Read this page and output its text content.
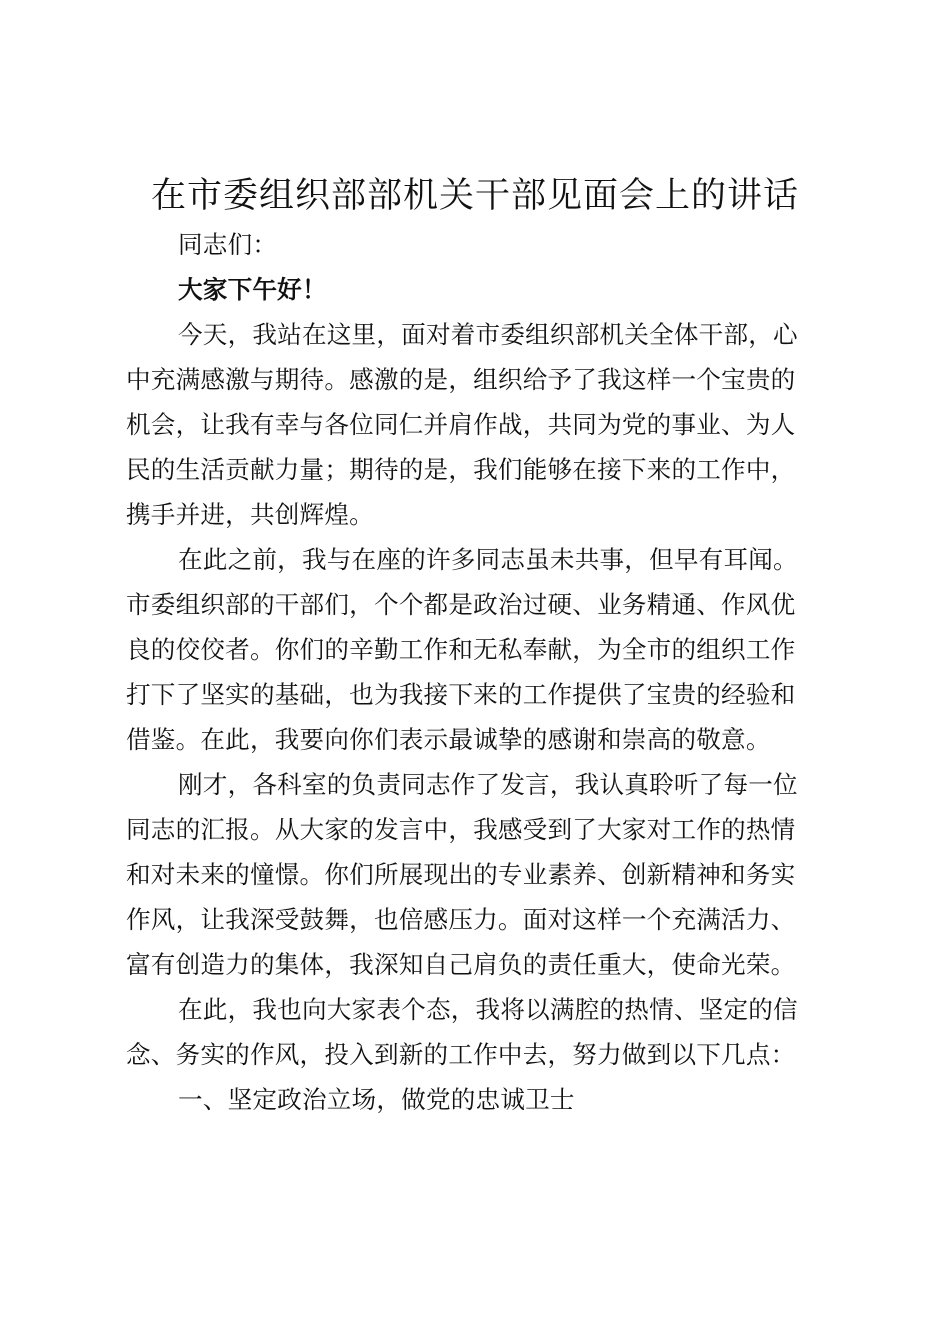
在市委组织部部机关干部见面会上的讲话
同志们：
大家下午好！
今天，我站在这里，面对着市委组织部机关全体干部，心
中充满感激与期待。感激的是，组织给予了我这样一个宝贵的
机会，让我有幸与各位同仁并肩作战，共同为党的事业、为人
民的生活贡献力量；期待的是，我们能够在接下来的工作中，
携手并进，共创辉煌。
在此之前，我与在座的许多同志虽未共事，但早有耳闻。
市委组织部的干部们，个个都是政治过硬、业务精通、作风优
良的佼佼者。你们的辛勤工作和无私奉献，为全市的组织工作
打下了坚实的基础，也为我接下来的工作提供了宝贵的经验和
借鉴。在此，我要向你们表示最诚挚的感谢和崇高的敬意。
刚才，各科室的负责同志作了发言，我认真聆听了每一位
同志的汇报。从大家的发言中，我感受到了大家对工作的热情
和对未来的憧憬。你们所展现出的专业素养、创新精神和务实
作风，让我深受鼓舞，也倍感压力。面对这样一个充满活力、
富有创造力的集体，我深知自己肩负的责任重大，使命光荣。
在此，我也向大家表个态，我将以满腔的热情、坚定的信
念、务实的作风，投入到新的工作中去，努力做到以下几点：
一、坚定政治立场，做党的忠诚卫士
